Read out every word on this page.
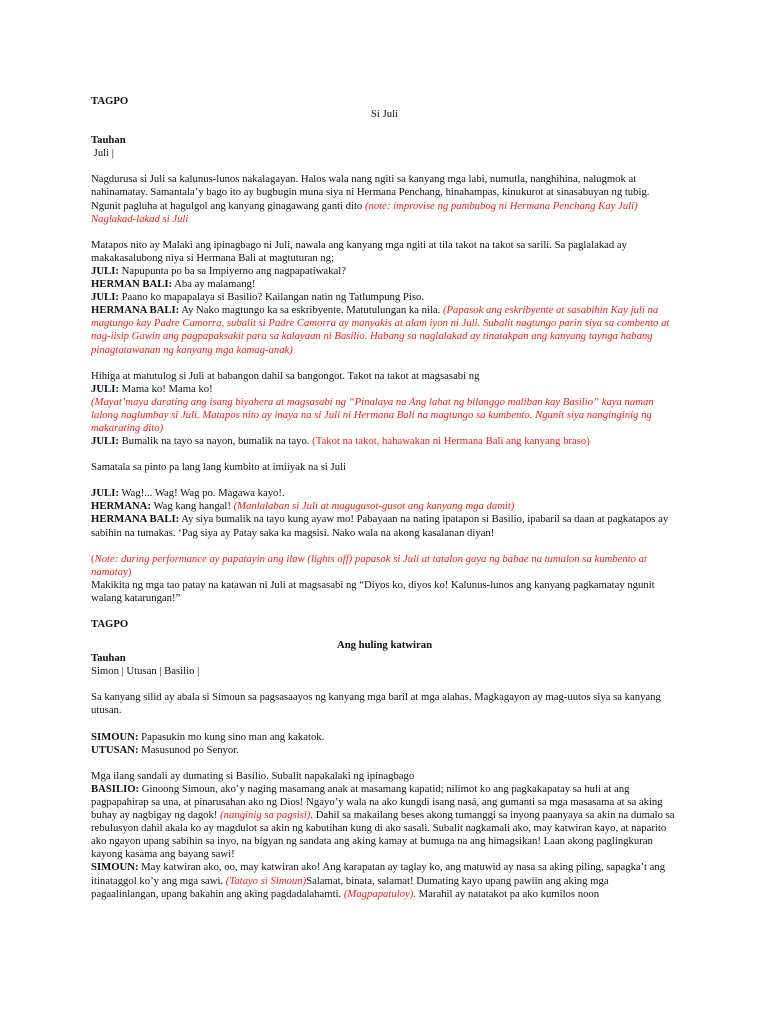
TAGPO

Si Juli

Tauhan

Juli |

Nagdurusa si Juli sa kalunus-lunos nakalagayan. Halos wala nang ngiti sa kanyang mga labi, numutla, nanghihina, nalugmok at nahinamatay. Samantala’y bago ito ay bugbugin muna siya ni Hermana Penchang, hinahampas, kinukurot at sinasabuyan ng tubig. Ngunit pagluha at hagulgol ang kanyang ginagawang ganti dito (note: improvise ng pambubog ni Hermana Penchang Kay Juli)

Naglakad-lakad si Juli

Matapos nito ay Malaki ang ipinagbago ni Juli, nawala ang kanyang mga ngiti at tila takot na takot sa sarili. Sa paglalakad ay makakasalubong niya si Hermana Bali at magtuturan ng;

JULI: Napupunta po ba sa Impiyerno ang nagpapatiwakal?

HERMAN BALI: Aba ay malamang!

JULI: Paano ko mapapalaya si Basilio? Kailangan natin ng Tatlumpung Piso.

HERMANA BALI: Ay Nako magtungo ka sa eskribyente. Matutulungan ka nila. (Papasok ang eskribyente at sasabihin Kay juli na magtungo kay Padre Camorra, subalit si Padre Camorra ay manyakis at alam iyon ni Juli. Subalit nagtungo parin siya sa combento at nag-iisip Gawin ang pagpapaksakit para sa kalayaan ni Basilio. Habang sa naglalakad ay tinatakpan ang kanyang taynga habang pinagtatawanan ng kanyang mga kamag-anak)

Hihiga at matutulog si Juli at babangon dahil sa bangongot. Takot na takot at magsasabi ng

JULI: Mama ko! Mama ko!

(Mayat’maya darating ang isang biyahera at magsasabi ng “Pinalaya na Ang lahat ng bilanggo maliban kay Basilio” kaya naman lalong naglumbay si Juli. Matapos nito ay inaya na si Juli ni Hermana Bali na magtungo sa kumbento. Ngunit siya nanginginig ng makarating dito)

JULI: Bumalik na tayo sa nayon, bumalik na tayo. (Takot na takot, hahawakan ni Hermana Bali ang kanyang braso)

Samatala sa pinto pa lang lang kumbito at imiiyak na si Juli

JULI: Wag!... Wag! Wag po. Magawa kayo!.

HERMANA: Wag kang hangal! (Manlalaban si Juli at magugusot-gusot ang kanyang mga damit)

HERMANA BALI: Ay siya bumalik na tayo kung ayaw mo! Pabayaan na nating ipatapon si Basilio, ipabaril sa daan at pagkatapos ay sabihin na tumakas. ‘Pag siya ay Patay saka ka magsisi. Nako wala na akong kasalanan diyan!

(Note: during performance ay papatayin ang ilaw (lights off) papasok si Juli at tatalon gaya ng babae na tumalon sa kumbento at namatay)

Makikita ng mga tao patay na katawan ni Juli at magsasabi ng “Diyos ko, diyos ko! Kalunus-lunos ang kanyang pagkamatay ngunit walang katarungan!”

TAGPO

Ang huling katwiran

Tauhan

Simon | Utusan | Basilio |

Sa kanyang silid ay abala si Simoun sa pagsasaayos ng kanyang mga baril at mga alahas. Magkagayon ay mag-uutos siya sa kanyang utusan.

SIMOUN: Papasukin mo kung sino man ang kakatok.

UTUSAN: Masusunod po Senyor.

Mga ilang sandali ay dumating si Basilio. Subalit napakalaki ng ipinagbago

BASILIO: Ginoong Simoun, ako’y naging masamang anak at masamang kapatid; nilimot ko ang pagkakapatay sa huli at ang pagpapahirap sa una, at pinarusahan ako ng Dios! Ngayo’y wala na ako kungdi isang nasá, ang gumanti sa mga masasama at sa aking buhay ay nagbigay ng dagok! (nanginig sa pagsisi). Dahil sa makailang beses akong tumanggi sa inyong paanyaya sa akin na dumalo sa rebulusyon dahil akala ko ay magdulot sa akin ng kabutihan kung di ako sasali. Subalit nagkamali ako, may katwiran kayo, at naparito ako ngayon upang sabihin sa inyo, na bigyan ng sandata ang aking kamay at bumuga na ang himagsikan! Laan akong paglingkuran kayong kasama ang bayang sawi!

SIMOUN: May katwiran ako, oo, may katwiran ako! Ang karapatan ay taglay ko, ang matuwid ay nasa sa aking piling, sapagka’t ang itinataggol ko’y ang mga sawi. (Tatayo si Simoun)Salamat, binata, salamat! Dumating kayo upang pawiin ang aking mga pagaalinlangan, upang bakahin ang aking pagdadalahamti. (Magpapatuloy). Marahil ay natatakot pa ako kumilos noon
